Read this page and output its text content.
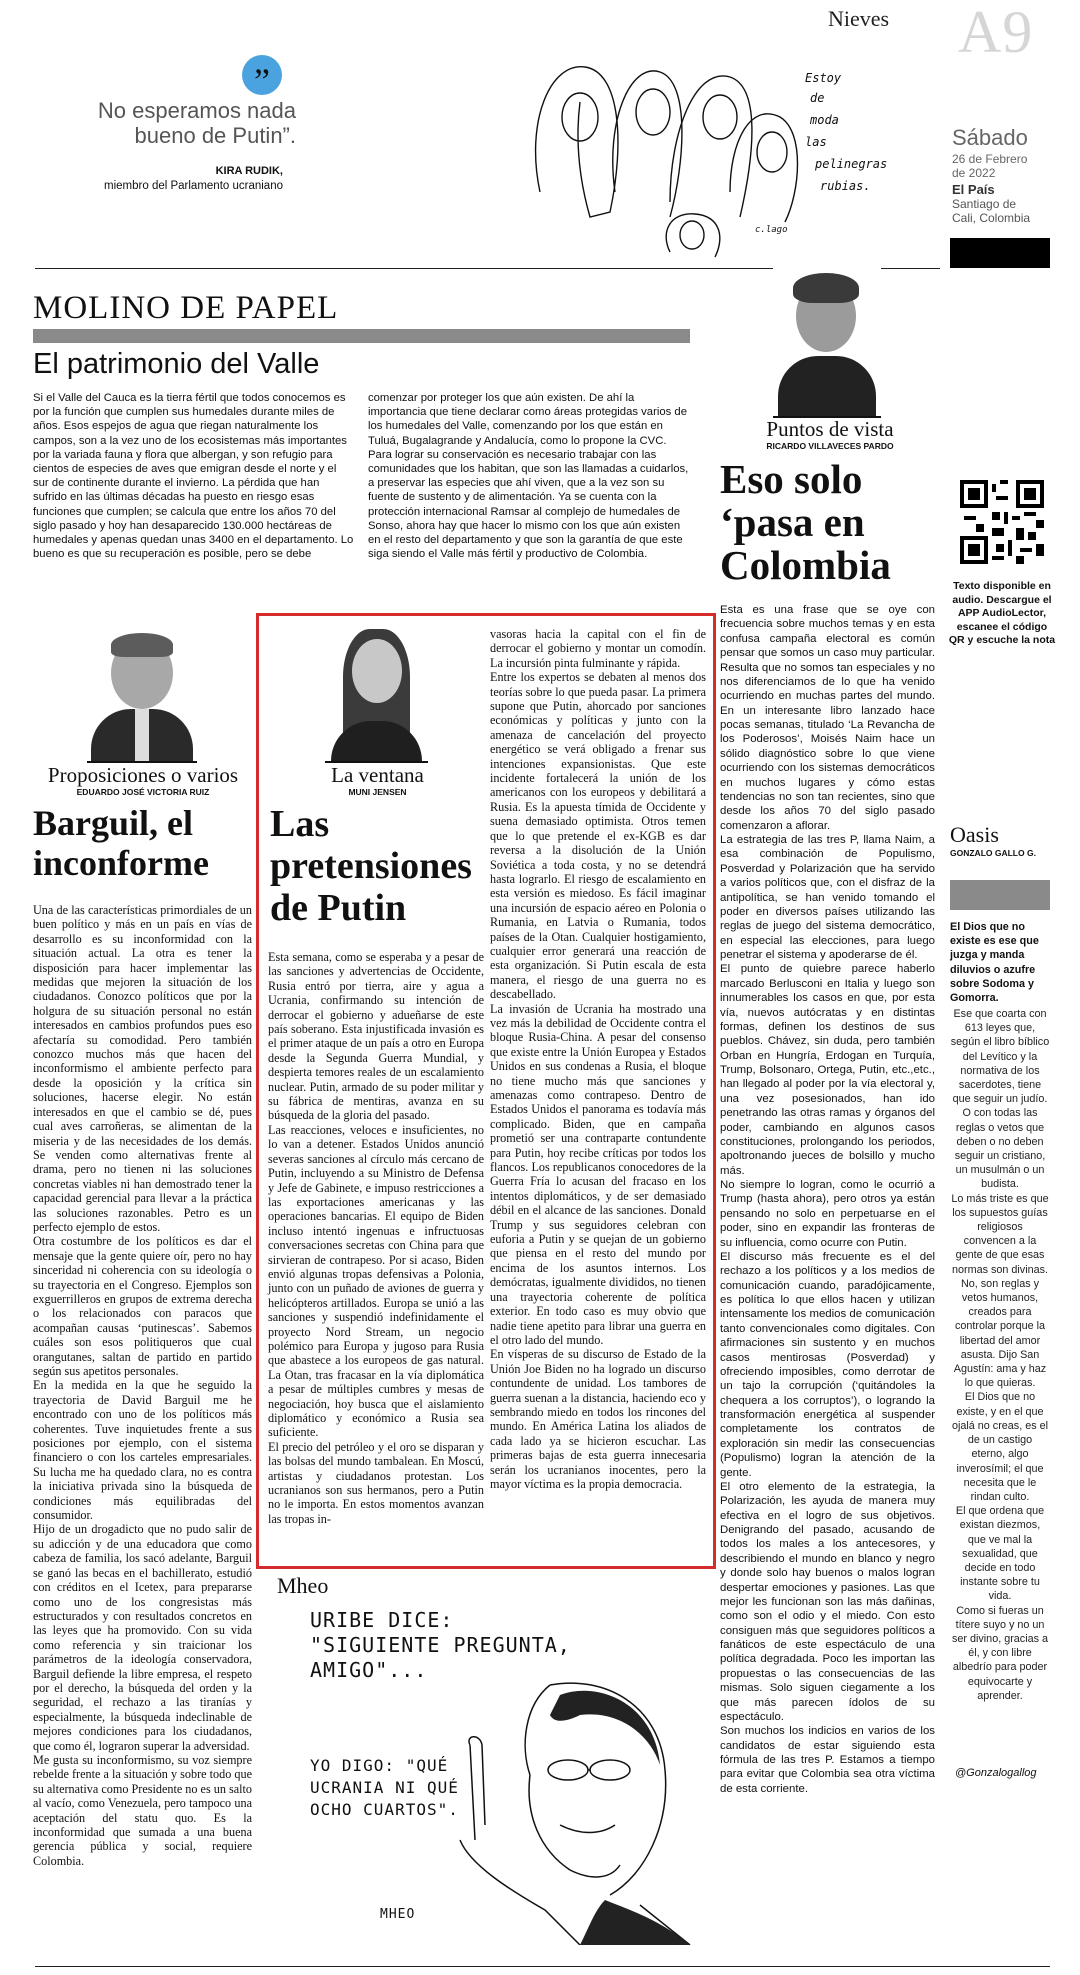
Nieves A9
Sábado
26 de Febrero de 2022
El País
Santiago de Cali, Colombia
”
No esperamos nada bueno de Putin”.
KIRA RUDIK,
miembro del Parlamento ucraniano
Estoy
de
moda
las
pelinegras
rubias.
c.lago
MOLINO DE PAPEL
El patrimonio del Valle
Si el Valle del Cauca es la tierra fértil que todos conocemos es por la función que cumplen sus humedales durante miles de años. Esos espejos de agua que riegan naturalmente los campos, son a la vez uno de los ecosistemas más importantes por la variada fauna y flora que albergan, y son refugio para cientos de especies de aves que emigran desde el norte y el sur de continente durante el invierno. La pérdida que han sufrido en las últimas décadas ha puesto en riesgo esas funciones que cumplen; se calcula que entre los años 70 del siglo pasado y hoy han desaparecido 130.000 hectáreas de humedales y apenas quedan unas 3400 en el departamento. Lo bueno es que su recuperación es posible, pero se debe
comenzar por proteger los que aún existen. De ahí la importancia que tiene declarar como áreas protegidas varios de los humedales del Valle, comenzando por los que están en Tuluá, Bugalagrande y Andalucía, como lo propone la CVC. Para lograr su conservación es necesario trabajar con las comunidades que los habitan, que son las llamadas a cuidarlos, a preservar las especies que ahí viven, que a la vez son su fuente de sustento y de alimentación. Ya se cuenta con la protección internacional Ramsar al complejo de humedales de Sonso, ahora hay que hacer lo mismo con los que aún existen en el resto del departamento y que son la garantía de que este siga siendo el Valle más fértil y productivo de Colombia.
Puntos de vista
RICARDO VILLAVECES PARDO
Eso solo ‘pasa en Colombia
Esta es una frase que se oye con frecuencia sobre muchos temas y en esta confusa campaña electoral es común pensar que somos un caso muy particular. Resulta que no somos tan especiales y no nos diferenciamos de lo que ha venido ocurriendo en muchas partes del mundo. En un interesante libro lanzado hace pocas semanas, titulado ‘La Revancha de los Poderosos’, Moisés Naim hace un sólido diagnóstico sobre lo que viene ocurriendo con los sistemas democráticos en muchos lugares y cómo estas tendencias no son tan recientes, sino que desde los años 70 del siglo pasado comenzaron a aflorar.
La estrategia de las tres P, llama Naim, a esa combinación de Populismo, Posverdad y Polarización que ha servido a varios políticos que, con el disfraz de la antipolítica, se han venido tomando el poder en diversos países utilizando las reglas de juego del sistema democrático, en especial las elecciones, para luego penetrar el sistema y apoderarse de él.
El punto de quiebre parece haberlo marcado Berlusconi en Italia y luego son innumerables los casos en que, por esta vía, nuevos autócratas y en distintas formas, definen los destinos de sus pueblos. Chávez, sin duda, pero también Orban en Hungría, Erdogan en Turquía, Trump, Bolsonaro, Ortega, Putin, etc.,etc., han llegado al poder por la vía electoral y, una vez posesionados, han ido penetrando las otras ramas y órganos del poder, cambiando en algunos casos constituciones, prolongando los periodos, apoltronando jueces de bolsillo y mucho más.
No siempre lo logran, como le ocurrió a Trump (hasta ahora), pero otros ya están pensando no solo en perpetuarse en el poder, sino en expandir las fronteras de su influencia, como ocurre con Putin.
El discurso más frecuente es el del rechazo a los políticos y a los medios de comunicación cuando, paradójicamente, es política lo que ellos hacen y utilizan intensamente los medios de comunicación tanto convencionales como digitales. Con afirmaciones sin sustento y en muchos casos mentirosas (Posverdad) y ofreciendo imposibles, como derrotar de un tajo la corrupción (‘quitándoles la chequera a los corruptos’), o logrando la transformación energética al suspender completamente los contratos de exploración sin medir las consecuencias (Populismo) logran la atención de la gente.
El otro elemento de la estrategia, la Polarización, les ayuda de manera muy efectiva en el logro de sus objetivos. Denigrando del pasado, acusando de todos los males a los antecesores, y describiendo el mundo en blanco y negro y donde solo hay buenos o malos logran despertar emociones y pasiones. Las que mejor les funcionan son las más dañinas, como son el odio y el miedo. Con esto consiguen más que seguidores políticos a fanáticos de este espectáculo de una política degradada. Poco les importan las propuestas o las consecuencias de las mismas. Solo siguen ciegamente a los que más parecen ídolos de su espectáculo.
Son muchos los indicios en varios de los candidatos de estar siguiendo esta fórmula de las tres P. Estamos a tiempo para evitar que Colombia sea otra víctima de esta corriente.
Texto disponible en audio. Descargue el APP AudioLector, escanee el código QR y escuche la nota
Oasis
GONZALO GALLO G.
El Dios que no existe es ese que juzga y manda diluvios o azufre sobre Sodoma y Gomorra.
Ese que coarta con 613 leyes que, según el libro bíblico del Levítico y la normativa de los sacerdotes, tiene que seguir un judío.
O con todas las reglas o vetos que deben o no deben seguir un cristiano, un musulmán o un budista.
Lo más triste es que los supuestos guías religiosos convencen a la gente de que esas normas son divinas.
No, son reglas y vetos humanos, creados para controlar porque la libertad del amor asusta. Dijo San Agustín: ama y haz lo que quieras.
El Dios que no existe, y en el que ojalá no creas, es el de un castigo eterno, algo inverosímil; el que necesita que le rindan culto.
El que ordena que existan diezmos, que ve mal la sexualidad, que decide en todo instante sobre tu vida.
Como si fueras un títere suyo y no un ser divino, gracias a él, y con libre albedrío para poder equivocarte y aprender.
@Gonzalogallog
Proposiciones o varios
EDUARDO JOSÉ VICTORIA RUIZ
Barguil, el inconforme
Una de las características primordiales de un buen político y más en un país en vías de desarrollo es su inconformidad con la situación actual. La otra es tener la disposición para hacer implementar las medidas que mejoren la situación de los ciudadanos. Conozco políticos que por la holgura de su situación personal no están interesados en cambios profundos pues eso afectaría su comodidad. Pero también conozco muchos más que hacen del inconformismo el ambiente perfecto para desde la oposición y la crítica sin soluciones, hacerse elegir. No están interesados en que el cambio se dé, pues cual aves carroñeras, se alimentan de la miseria y de las necesidades de los demás. Se venden como alternativas frente al drama, pero no tienen ni las soluciones concretas viables ni han demostrado tener la capacidad gerencial para llevar a la práctica las soluciones razonables. Petro es un perfecto ejemplo de estos.
Otra costumbre de los políticos es dar el mensaje que la gente quiere oír, pero no hay sinceridad ni coherencia con su ideología o su trayectoria en el Congreso. Ejemplos son exguerrilleros en grupos de extrema derecha o los relacionados con paracos que acompañan causas ‘putinescas’. Sabemos cuáles son esos politiqueros que cual orangutanes, saltan de partido en partido según sus apetitos personales.
En la medida en la que he seguido la trayectoria de David Barguil me he encontrado con uno de los políticos más coherentes. Tuve inquietudes frente a sus posiciones por ejemplo, con el sistema financiero o con los carteles empresariales. Su lucha me ha quedado clara, no es contra la iniciativa privada sino la búsqueda de condiciones más equilibradas del consumidor.
Hijo de un drogadicto que no pudo salir de su adicción y de una educadora que como cabeza de familia, los sacó adelante, Barguil se ganó las becas en el bachillerato, estudió con créditos en el Icetex, para prepararse como uno de los congresistas más estructurados y con resultados concretos en las leyes que ha promovido. Con su vida como referencia y sin traicionar los parámetros de la ideología conservadora, Barguil defiende la libre empresa, el respeto por el derecho, la búsqueda del orden y la seguridad, el rechazo a las tiranías y especialmente, la búsqueda indeclinable de mejores condiciones para los ciudadanos, que como él, lograron superar la adversidad.
Me gusta su inconformismo, su voz siempre rebelde frente a la situación y sobre todo que su alternativa como Presidente no es un salto al vacío, como Venezuela, pero tampoco una aceptación del statu quo. Es la inconformidad que sumada a una buena gerencia pública y social, requiere Colombia.
La ventana
MUNI JENSEN
Las pretensiones de Putin
Esta semana, como se esperaba y a pesar de las sanciones y advertencias de Occidente, Rusia entró por tierra, aire y agua a Ucrania, confirmando su intención de derrocar el gobierno y adueñarse de este país soberano. Esta injustificada invasión es el primer ataque de un país a otro en Europa desde la Segunda Guerra Mundial, y despierta temores reales de un escalamiento nuclear. Putin, armado de su poder militar y su fábrica de mentiras, avanza en su búsqueda de la gloria del pasado.
Las reacciones, veloces e insuficientes, no lo van a detener. Estados Unidos anunció severas sanciones al círculo más cercano de Putin, incluyendo a su Ministro de Defensa y Jefe de Gabinete, e impuso restricciones a las exportaciones americanas y las operaciones bancarias. El equipo de Biden incluso intentó ingenuas e infructuosas conversaciones secretas con China para que sirvieran de contrapeso. Por si acaso, Biden envió algunas tropas defensivas a Polonia, junto con un puñado de aviones de guerra y helicópteros artillados. Europa se unió a las sanciones y suspendió indefinidamente el proyecto Nord Stream, un negocio polémico para Europa y jugoso para Rusia que abastece a los europeos de gas natural. La Otan, tras fracasar en la vía diplomática a pesar de múltiples cumbres y mesas de negociación, hoy busca que el aislamiento diplomático y económico a Rusia sea suficiente.
El precio del petróleo y el oro se disparan y las bolsas del mundo tambalean. En Moscú, artistas y ciudadanos protestan. Los ucranianos son sus hermanos, pero a Putin no le importa. En estos momentos avanzan las tropas in-
vasoras hacia la capital con el fin de derrocar el gobierno y montar un comodín. La incursión pinta fulminante y rápida.
Entre los expertos se debaten al menos dos teorías sobre lo que pueda pasar. La primera supone que Putin, ahorcado por sanciones económicas y políticas y junto con la amenaza de cancelación del proyecto energético se verá obligado a frenar sus intenciones expansionistas. Que este incidente fortalecerá la unión de los americanos con los europeos y debilitará a Rusia. Es la apuesta tímida de Occidente y suena demasiado optimista. Otros temen que lo que pretende el ex-KGB es dar reversa a la disolución de la Unión Soviética a toda costa, y no se detendrá hasta lograrlo. El riesgo de escalamiento en esta versión es miedoso. Es fácil imaginar una incursión de espacio aéreo en Polonia o Rumania, en Latvia o Rumania, todos países de la Otan. Cualquier hostigamiento, cualquier error generará una reacción de esta organización. Si Putin escala de esta manera, el riesgo de una guerra no es descabellado.
La invasión de Ucrania ha mostrado una vez más la debilidad de Occidente contra el bloque Rusia-China. A pesar del consenso que existe entre la Unión Europea y Estados Unidos en sus condenas a Rusia, el bloque no tiene mucho más que sanciones y amenazas como contrapeso. Dentro de Estados Unidos el panorama es todavía más complicado. Biden, que en campaña prometió ser una contraparte contundente para Putin, hoy recibe críticas por todos los flancos. Los republicanos conocedores de la Guerra Fría lo acusan del fracaso en los intentos diplomáticos, y de ser demasiado débil en el alcance de las sanciones. Donald Trump y sus seguidores celebran con euforia a Putin y se quejan de un gobierno que piensa en el resto del mundo por encima de los asuntos internos. Los demócratas, igualmente divididos, no tienen una trayectoria coherente de política exterior. En todo caso es muy obvio que nadie tiene apetito para librar una guerra en el otro lado del mundo.
En vísperas de su discurso de Estado de la Unión Joe Biden no ha logrado un discurso contundente de unidad. Los tambores de guerra suenan a la distancia, haciendo eco y sembrando miedo en todos los rincones del mundo. En América Latina los aliados de cada lado ya se hicieron escuchar. Las primeras bajas de esta guerra innecesaria serán los ucranianos inocentes, pero la mayor víctima es la propia democracia.
Mheo
URIBE DICE: "SIGUIENTE PREGUNTA, AMIGO"...
YO DIGO: "QUÉ UCRANIA NI QUÉ OCHO CUARTOS".
MHEO
